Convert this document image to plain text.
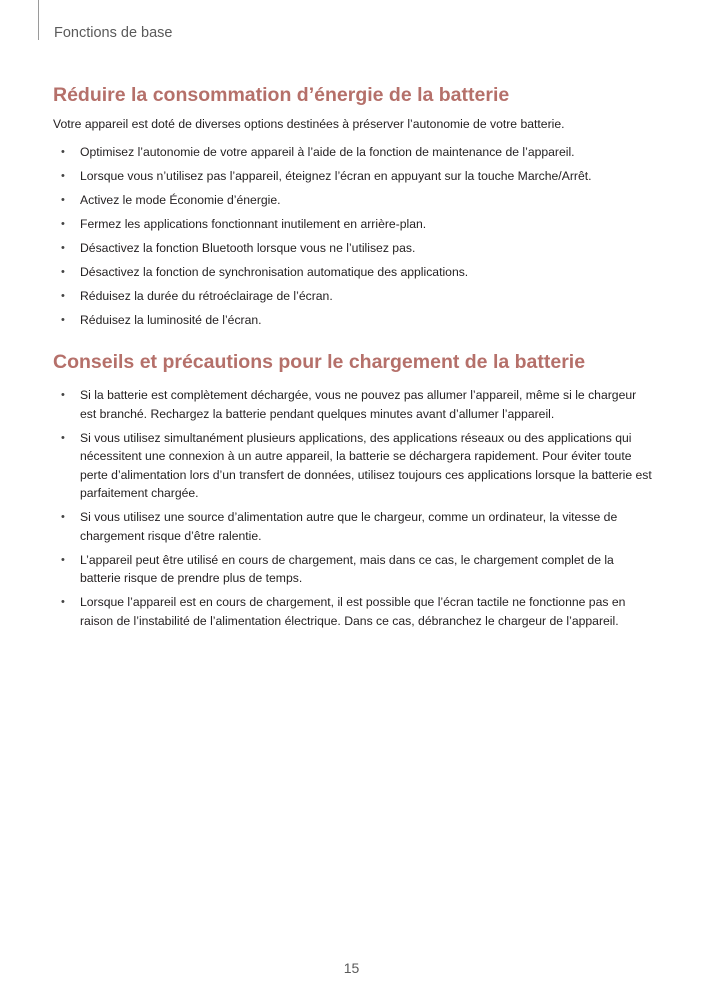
Fonctions de base
Réduire la consommation d’énergie de la batterie

Votre appareil est doté de diverses options destinées à préserver l’autonomie de votre batterie.

• Optimisez l’autonomie de votre appareil à l’aide de la fonction de maintenance de l’appareil.
• Lorsque vous n’utilisez pas l’appareil, éteignez l’écran en appuyant sur la touche Marche/Arrêt.
• Activez le mode Économie d’énergie.
• Fermez les applications fonctionnant inutilement en arrière-plan.
• Désactivez la fonction Bluetooth lorsque vous ne l’utilisez pas.
• Désactivez la fonction de synchronisation automatique des applications.
• Réduisez la durée du rétroéclairage de l’écran.
• Réduisez la luminosité de l’écran.
Conseils et précautions pour le chargement de la batterie
• Si la batterie est complètement déchargée, vous ne pouvez pas allumer l’appareil, même si le chargeur est branché. Rechargez la batterie pendant quelques minutes avant d’allumer l’appareil.
• Si vous utilisez simultanément plusieurs applications, des applications réseaux ou des applications qui nécessitent une connexion à un autre appareil, la batterie se déchargera rapidement. Pour éviter toute perte d’alimentation lors d’un transfert de données, utilisez toujours ces applications lorsque la batterie est parfaitement chargée.
• Si vous utilisez une source d’alimentation autre que le chargeur, comme un ordinateur, la vitesse de chargement risque d’être ralentie.
• L’appareil peut être utilisé en cours de chargement, mais dans ce cas, le chargement complet de la batterie risque de prendre plus de temps.
• Lorsque l’appareil est en cours de chargement, il est possible que l’écran tactile ne fonctionne pas en raison de l’instabilité de l’alimentation électrique. Dans ce cas, débranchez le chargeur de l’appareil.
15
